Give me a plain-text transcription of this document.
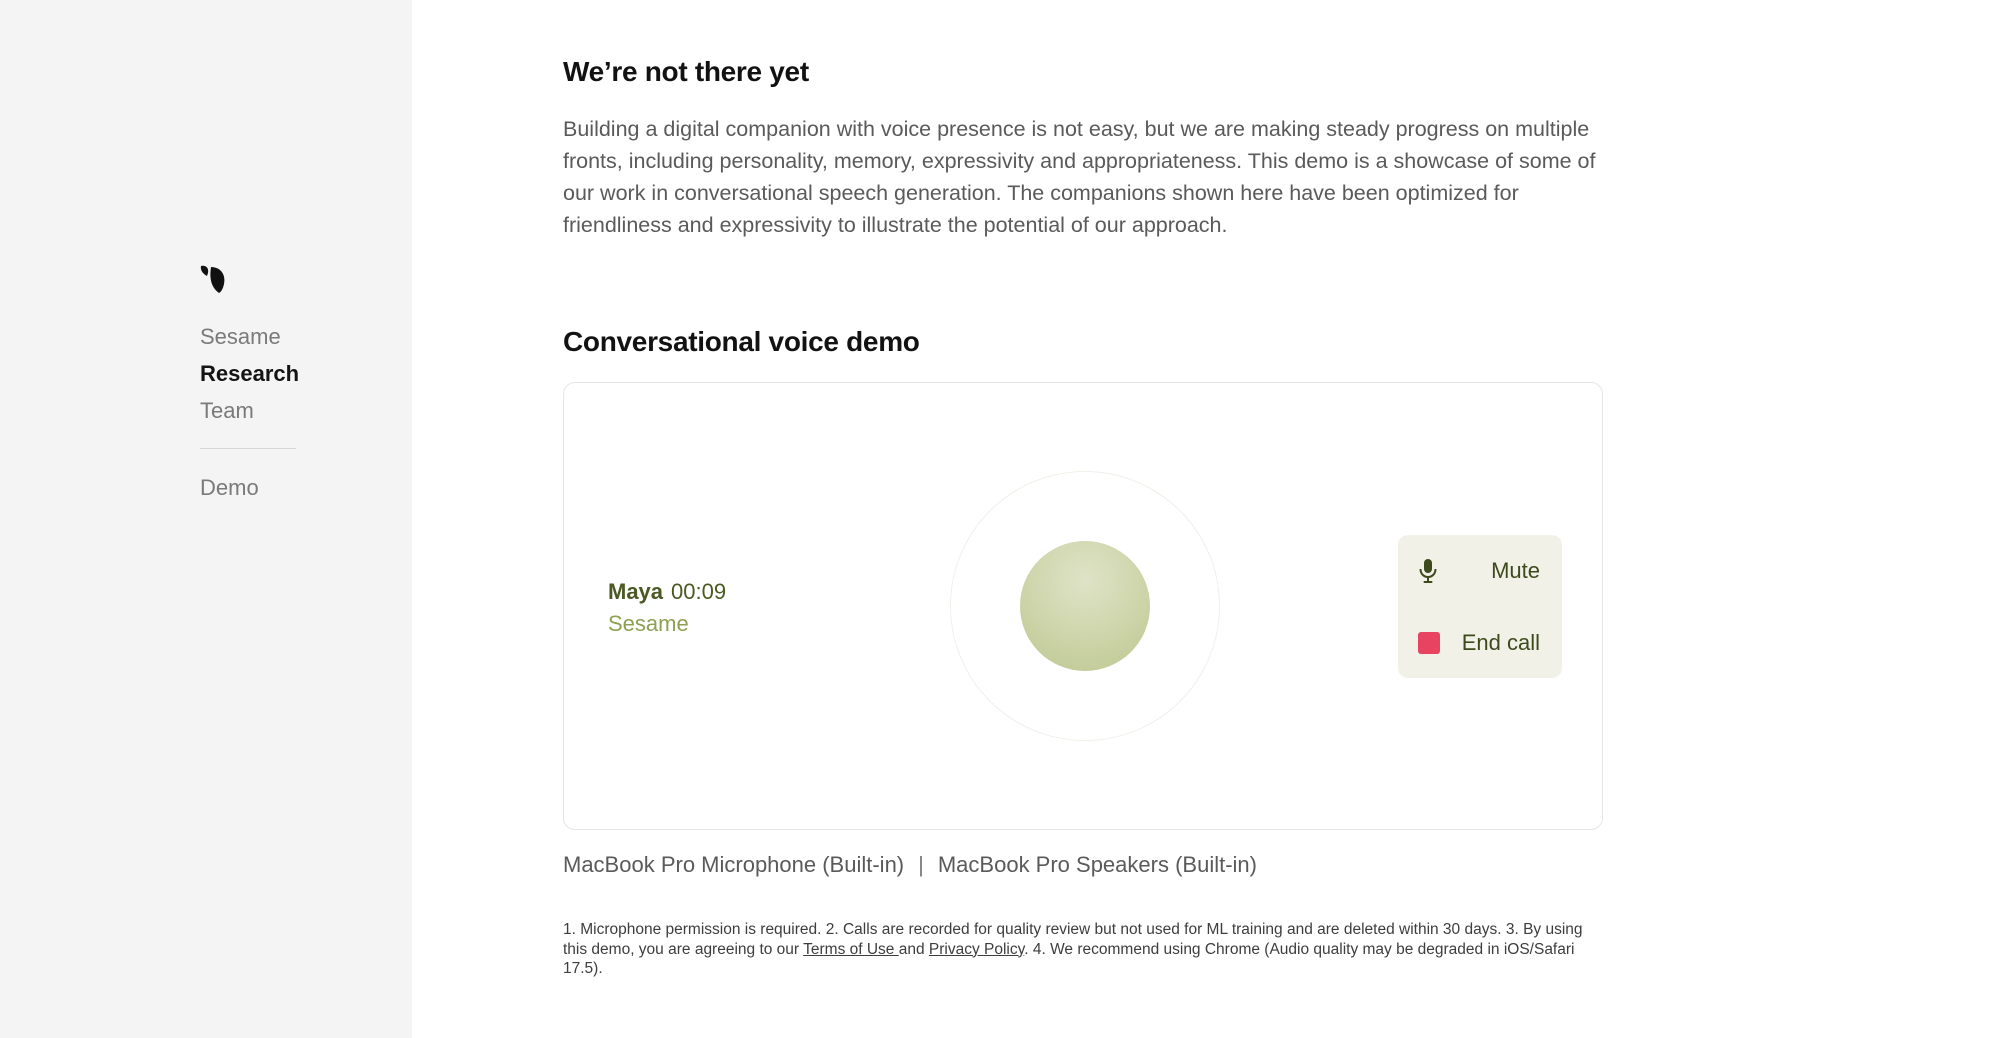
Sesame
Research
Team
Demo
We’re not there yet

Building a digital companion with voice presence is not easy, but we are making steady progress on multiple fronts, including personality, memory, expressivity and appropriateness. This demo is a showcase of some of our work in conversational speech generation. The companions shown here have been optimized for friendliness and expressivity to illustrate the potential of our approach.

Conversational voice demo
Maya 00:09
Sesame
Mute
End call
MacBook Pro Microphone (Built-in) | MacBook Pro Speakers (Built-in)

1. Microphone permission is required. 2. Calls are recorded for quality review but not used for ML training and are deleted within 30 days. 3. By using this demo, you are agreeing to our Terms of Use and Privacy Policy. 4. We recommend using Chrome (Audio quality may be degraded in iOS/Safari 17.5).
